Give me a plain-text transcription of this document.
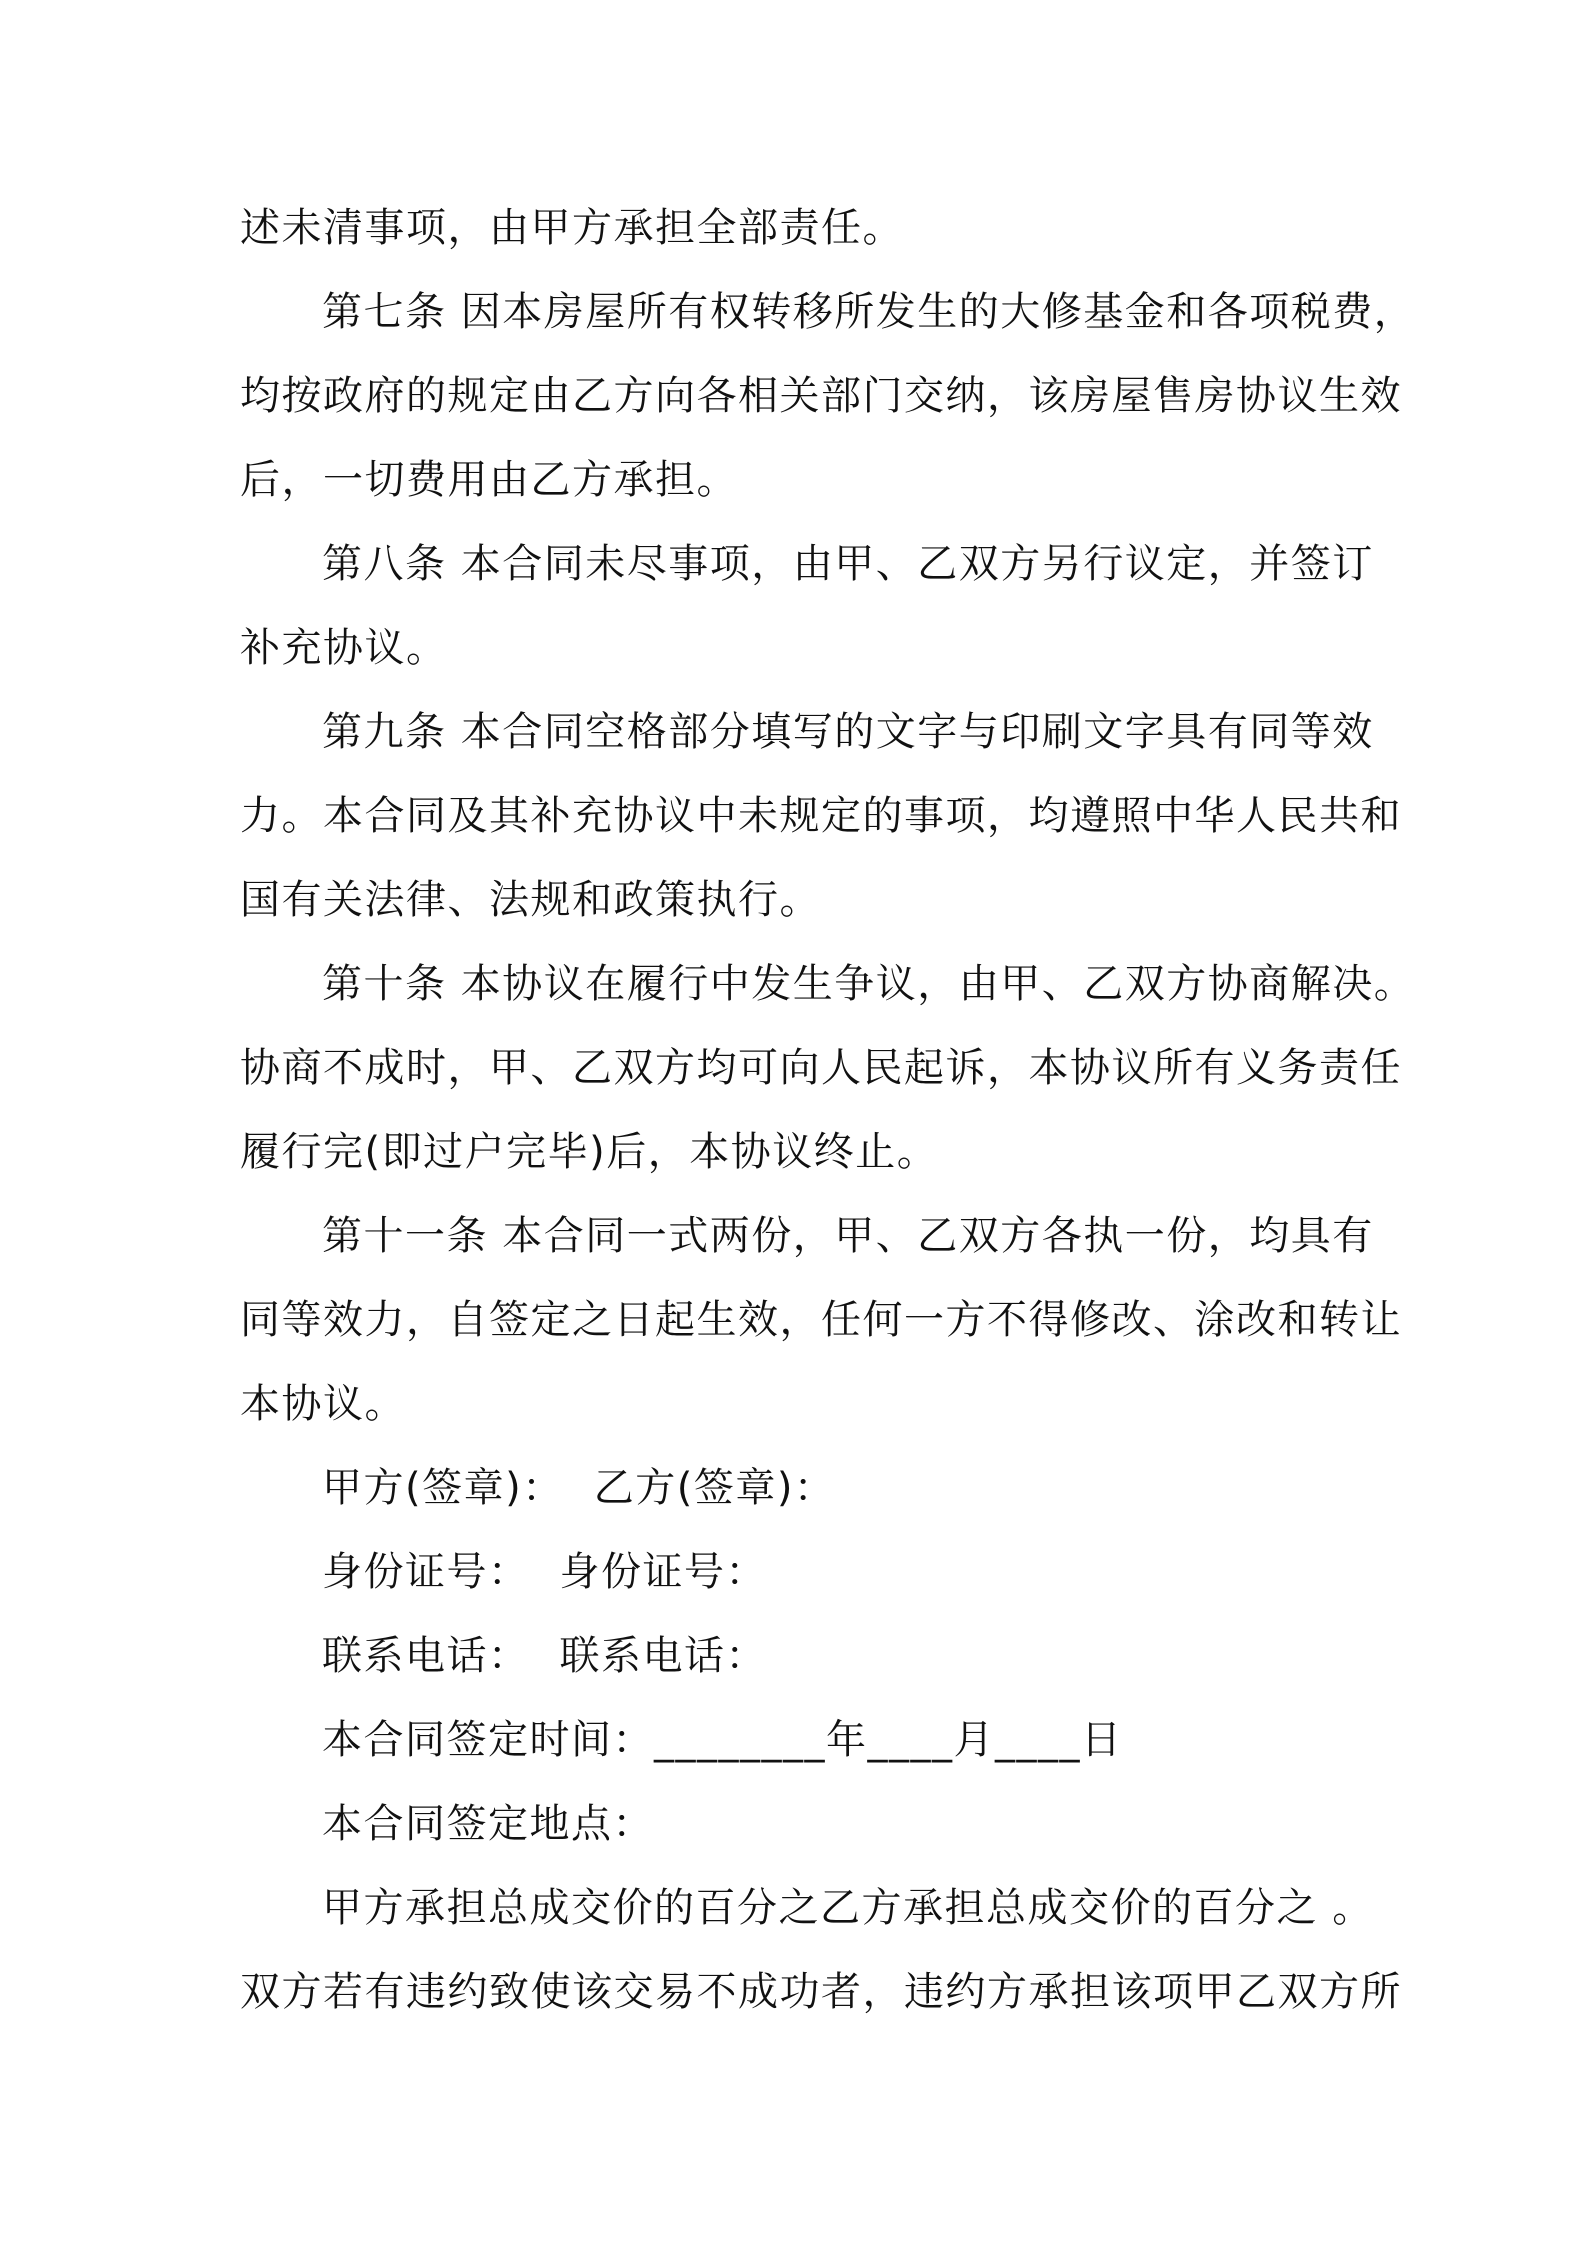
述未清事项，由甲方承担全部责任。
第七条 因本房屋所有权转移所发生的大修基金和各项税费，
均按政府的规定由乙方向各相关部门交纳，该房屋售房协议生效
后，一切费用由乙方承担。
第八条 本合同未尽事项，由甲、乙双方另行议定，并签订
补充协议。
第九条 本合同空格部分填写的文字与印刷文字具有同等效
力。本合同及其补充协议中未规定的事项，均遵照中华人民共和
国有关法律、法规和政策执行。
第十条 本协议在履行中发生争议，由甲、乙双方协商解决。
协商不成时，甲、乙双方均可向人民起诉，本协议所有义务责任
履行完(即过户完毕)后，本协议终止。
第十一条 本合同一式两份，甲、乙双方各执一份，均具有
同等效力，自签定之日起生效，任何一方不得修改、涂改和转让
本协议。
甲方(签章)： 乙方(签章)：
身份证号： 身份证号：
联系电话： 联系电话：
本合同签定时间：________年____月____日
本合同签定地点：
甲方承担总成交价的百分之乙方承担总成交价的百分之 。
双方若有违约致使该交易不成功者，违约方承担该项甲乙双方所
